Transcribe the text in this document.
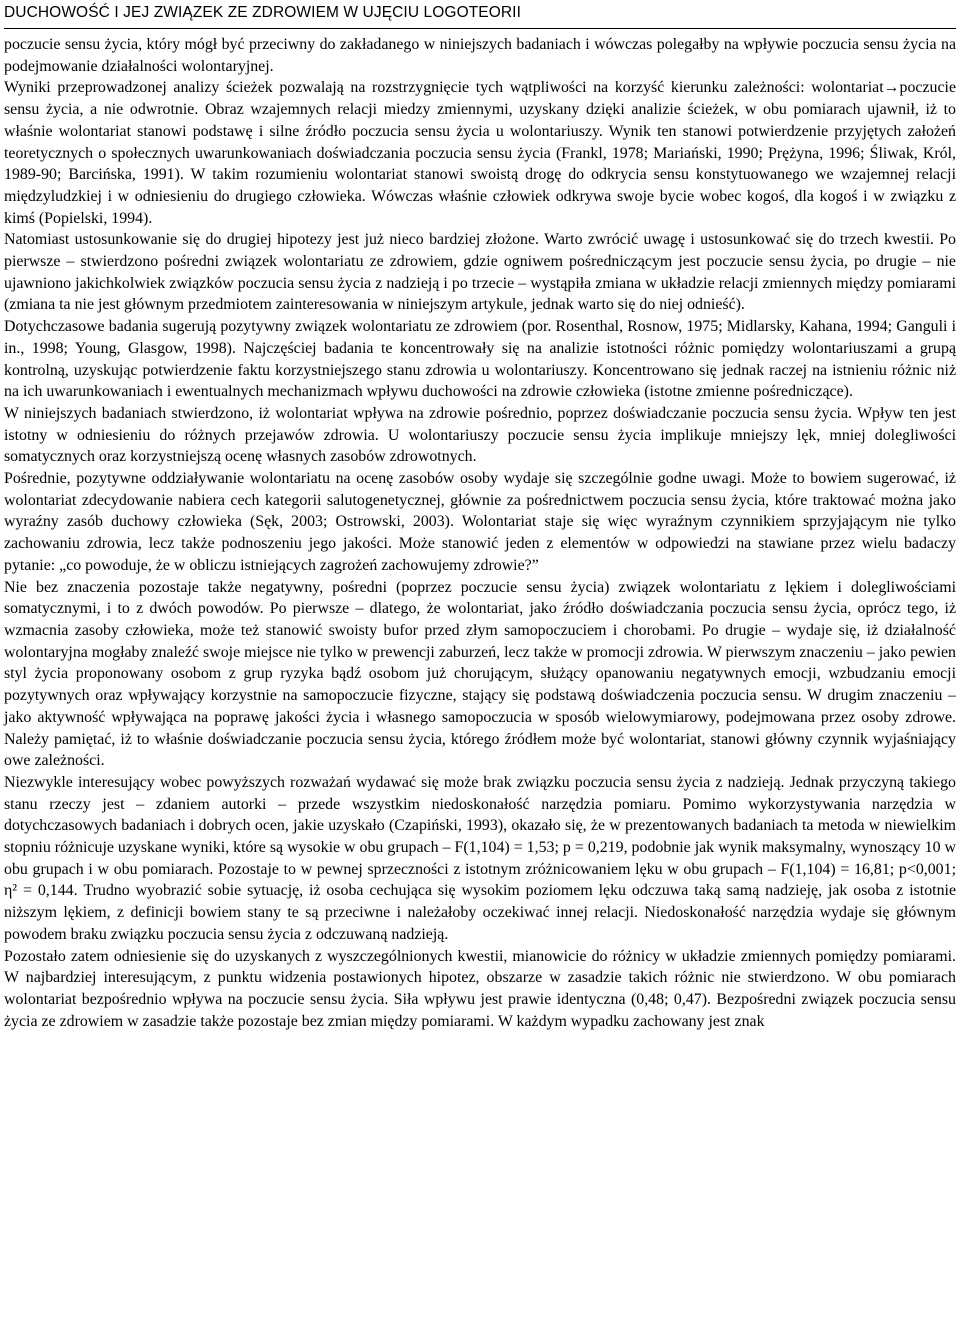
DUCHOWOŚĆ I JEJ ZWIĄZEK ZE ZDROWIEM W UJĘCIU LOGOTEORII

poczucie sensu życia, który mógł być przeciwny do zakładanego w niniejszych badaniach i wówczas polegałby na wpływie poczucia sensu życia na podejmowanie działalności wolontaryjnej.

Wyniki przeprowadzonej analizy ścieżek pozwalają na rozstrzygnięcie tych wątpliwości na korzyść kierunku zależności: wolontariat→poczucie sensu życia, a nie odwrotnie. Obraz wzajemnych relacji miedzy zmiennymi, uzyskany dzięki analizie ścieżek, w obu pomiarach ujawnił, iż to właśnie wolontariat stanowi podstawę i silne źródło poczucia sensu życia u wolontariuszy. Wynik ten stanowi potwierdzenie przyjętych założeń teoretycznych o społecznych uwarunkowaniach doświadczania poczucia sensu życia (Frankl, 1978; Mariański, 1990; Prężyna, 1996; Śliwak, Król, 1989-90; Barcińska, 1991). W takim rozumieniu wolontariat stanowi swoistą drogę do odkrycia sensu konstytuowanego we wzajemnej relacji międzyludzkiej i w odniesieniu do drugiego człowieka. Wówczas właśnie człowiek odkrywa swoje bycie wobec kogoś, dla kogoś i w związku z kimś (Popielski, 1994).

Natomiast ustosunkowanie się do drugiej hipotezy jest już nieco bardziej złożone. Warto zwrócić uwagę i ustosunkować się do trzech kwestii. Po pierwsze – stwierdzono pośredni związek wolontariatu ze zdrowiem, gdzie ogniwem pośredniczącym jest poczucie sensu życia, po drugie – nie ujawniono jakichkolwiek związków poczucia sensu życia z nadzieją i po trzecie – wystąpiła zmiana w układzie relacji zmiennych między pomiarami (zmiana ta nie jest głównym przedmiotem zainteresowania w niniejszym artykule, jednak warto się do niej odnieść).

Dotychczasowe badania sugerują pozytywny związek wolontariatu ze zdrowiem (por. Rosenthal, Rosnow, 1975; Midlarsky, Kahana, 1994; Ganguli i in., 1998; Young, Glasgow, 1998). Najczęściej badania te koncentrowały się na analizie istotności różnic pomiędzy wolontariuszami a grupą kontrolną, uzyskując potwierdzenie faktu korzystniejszego stanu zdrowia u wolontariuszy. Koncentrowano się jednak raczej na istnieniu różnic niż na ich uwarunkowaniach i ewentualnych mechanizmach wpływu duchowości na zdrowie człowieka (istotne zmienne pośredniczące).

W niniejszych badaniach stwierdzono, iż wolontariat wpływa na zdrowie pośrednio, poprzez doświadczanie poczucia sensu życia. Wpływ ten jest istotny w odniesieniu do różnych przejawów zdrowia. U wolontariuszy poczucie sensu życia implikuje mniejszy lęk, mniej dolegliwości somatycznych oraz korzystniejszą ocenę własnych zasobów zdrowotnych.

Pośrednie, pozytywne oddziaływanie wolontariatu na ocenę zasobów osoby wydaje się szczególnie godne uwagi. Może to bowiem sugerować, iż wolontariat zdecydowanie nabiera cech kategorii salutogenetycznej, głównie za pośrednictwem poczucia sensu życia, które traktować można jako wyraźny zasób duchowy człowieka (Sęk, 2003; Ostrowski, 2003). Wolontariat staje się więc wyraźnym czynnikiem sprzyjającym nie tylko zachowaniu zdrowia, lecz także podnoszeniu jego jakości. Może stanowić jeden z elementów w odpowiedzi na stawiane przez wielu badaczy pytanie: „co powoduje, że w obliczu istniejących zagrożeń zachowujemy zdrowie?”

Nie bez znaczenia pozostaje także negatywny, pośredni (poprzez poczucie sensu życia) związek wolontariatu z lękiem i dolegliwościami somatycznymi, i to z dwóch powodów. Po pierwsze – dlatego, że wolontariat, jako źródło doświadczania poczucia sensu życia, oprócz tego, iż wzmacnia zasoby człowieka, może też stanowić swoisty bufor przed złym samopoczuciem i chorobami. Po drugie – wydaje się, iż działalność wolontaryjna mogłaby znaleźć swoje miejsce nie tylko w prewencji zaburzeń, lecz także w promocji zdrowia. W pierwszym znaczeniu – jako pewien styl życia proponowany osobom z grup ryzyka bądź osobom już chorującym, służący opanowaniu negatywnych emocji, wzbudzaniu emocji pozytywnych oraz wpływający korzystnie na samopoczucie fizyczne, stający się podstawą doświadczenia poczucia sensu. W drugim znaczeniu – jako aktywność wpływająca na poprawę jakości życia i własnego samopoczucia w sposób wielowymiarowy, podejmowana przez osoby zdrowe. Należy pamiętać, iż to właśnie doświadczanie poczucia sensu życia, którego źródłem może być wolontariat, stanowi główny czynnik wyjaśniający owe zależności.

Niezwykle interesujący wobec powyższych rozważań wydawać się może brak związku poczucia sensu życia z nadzieją. Jednak przyczyną takiego stanu rzeczy jest – zdaniem autorki – przede wszystkim niedoskonałość narzędzia pomiaru. Pomimo wykorzystywania narzędzia w dotychczasowych badaniach i dobrych ocen, jakie uzyskało (Czapiński, 1993), okazało się, że w prezentowanych badaniach ta metoda w niewielkim stopniu różnicuje uzyskane wyniki, które są wysokie w obu grupach – F(1,104) = 1,53; p = 0,219, podobnie jak wynik maksymalny, wynoszący 10 w obu grupach i w obu pomiarach. Pozostaje to w pewnej sprzeczności z istotnym zróżnicowaniem lęku w obu grupach – F(1,104) = 16,81; p<0,001; η² = 0,144. Trudno wyobrazić sobie sytuację, iż osoba cechująca się wysokim poziomem lęku odczuwa taką samą nadzieję, jak osoba z istotnie niższym lękiem, z definicji bowiem stany te są przeciwne i należałoby oczekiwać innej relacji. Niedoskonałość narzędzia wydaje się głównym powodem braku związku poczucia sensu życia z odczuwaną nadzieją.

Pozostało zatem odniesienie się do uzyskanych z wyszczególnionych kwestii, mianowicie do różnicy w układzie zmiennych pomiędzy pomiarami. W najbardziej interesującym, z punktu widzenia postawionych hipotez, obszarze w zasadzie takich różnic nie stwierdzono. W obu pomiarach wolontariat bezpośrednio wpływa na poczucie sensu życia. Siła wpływu jest prawie identyczna (0,48; 0,47). Bezpośredni związek poczucia sensu życia ze zdrowiem w zasadzie także pozostaje bez zmian między pomiarami. W każdym wypadku zachowany jest znak
